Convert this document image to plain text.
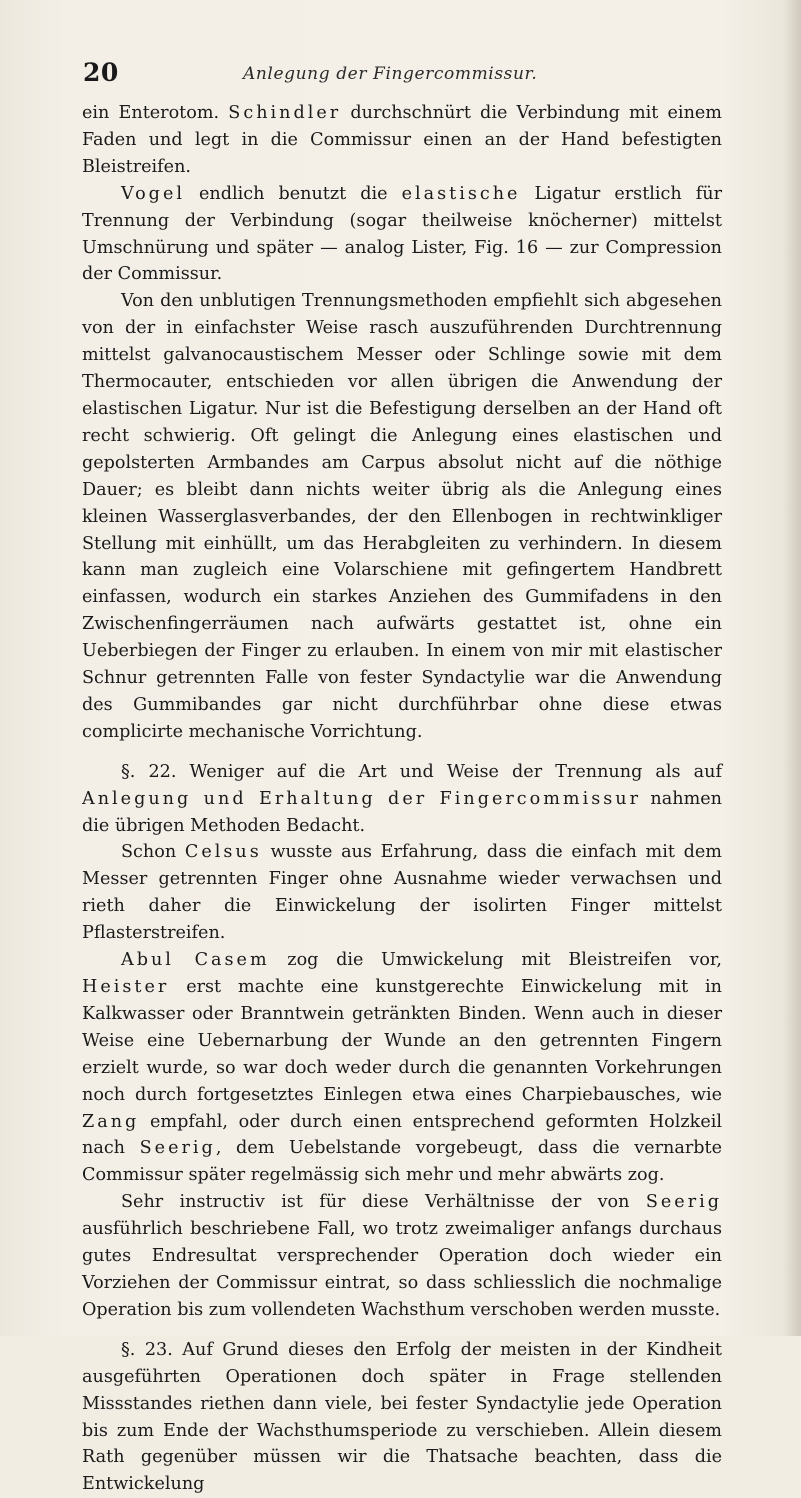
20	Anlegung der Fingercommissur.

ein Enterotom. Schindler durchschnürt die Verbindung mit einem Faden und legt in die Commissur einen an der Hand befestigten Bleistreifen.

Vogel endlich benutzt die elastische Ligatur erstlich für Trennung der Verbindung (sogar theilweise knöcherner) mittelst Umschnürung und später — analog Lister, Fig. 16 — zur Compression der Commissur.

Von den unblutigen Trennungsmethoden empfiehlt sich abgesehen von der in einfachster Weise rasch auszuführenden Durchtrennung mittelst galvanocaustischem Messer oder Schlinge sowie mit dem Thermocauter, entschieden vor allen übrigen die Anwendung der elastischen Ligatur. Nur ist die Befestigung derselben an der Hand oft recht schwierig. Oft gelingt die Anlegung eines elastischen und gepolsterten Armbandes am Carpus absolut nicht auf die nöthige Dauer; es bleibt dann nichts weiter übrig als die Anlegung eines kleinen Wasserglasverbandes, der den Ellenbogen in rechtwinkliger Stellung mit einhüllt, um das Herabgleiten zu verhindern. In diesem kann man zugleich eine Volarschiene mit gefingertem Handbrett einfassen, wodurch ein starkes Anziehen des Gummifadens in den Zwischenfingerräumen nach aufwärts gestattet ist, ohne ein Ueberbiegen der Finger zu erlauben. In einem von mir mit elastischer Schnur getrennten Falle von fester Syndactylie war die Anwendung des Gummibandes gar nicht durchführbar ohne diese etwas complicirte mechanische Vorrichtung.

§. 22. Weniger auf die Art und Weise der Trennung als auf Anlegung und Erhaltung der Fingercommissur nahmen die übrigen Methoden Bedacht.

Schon Celsus wusste aus Erfahrung, dass die einfach mit dem Messer getrennten Finger ohne Ausnahme wieder verwachsen und rieth daher die Einwickelung der isolirten Finger mittelst Pflasterstreifen.

Abul Casem zog die Umwickelung mit Bleistreifen vor, Heister erst machte eine kunstgerechte Einwickelung mit in Kalkwasser oder Branntwein getränkten Binden. Wenn auch in dieser Weise eine Uebernarbung der Wunde an den getrennten Fingern erzielt wurde, so war doch weder durch die genannten Vorkehrungen noch durch fortgesetztes Einlegen etwa eines Charpiebausches, wie Zang empfahl, oder durch einen entsprechend geformten Holzkeil nach Seerig, dem Uebelstande vorgebeugt, dass die vernarbte Commissur später regelmässig sich mehr und mehr abwärts zog.

Sehr instructiv ist für diese Verhältnisse der von Seerig ausführlich beschriebene Fall, wo trotz zweimaliger anfangs durchaus gutes Endresultat versprechender Operation doch wieder ein Vorziehen der Commissur eintrat, so dass schliesslich die nochmalige Operation bis zum vollendeten Wachsthum verschoben werden musste.

§. 23. Auf Grund dieses den Erfolg der meisten in der Kindheit ausgeführten Operationen doch später in Frage stellenden Missstandes riethen dann viele, bei fester Syndactylie jede Operation bis zum Ende der Wachsthumsperiode zu verschieben. Allein diesem Rath gegenüber müssen wir die Thatsache beachten, dass die Entwickelung
